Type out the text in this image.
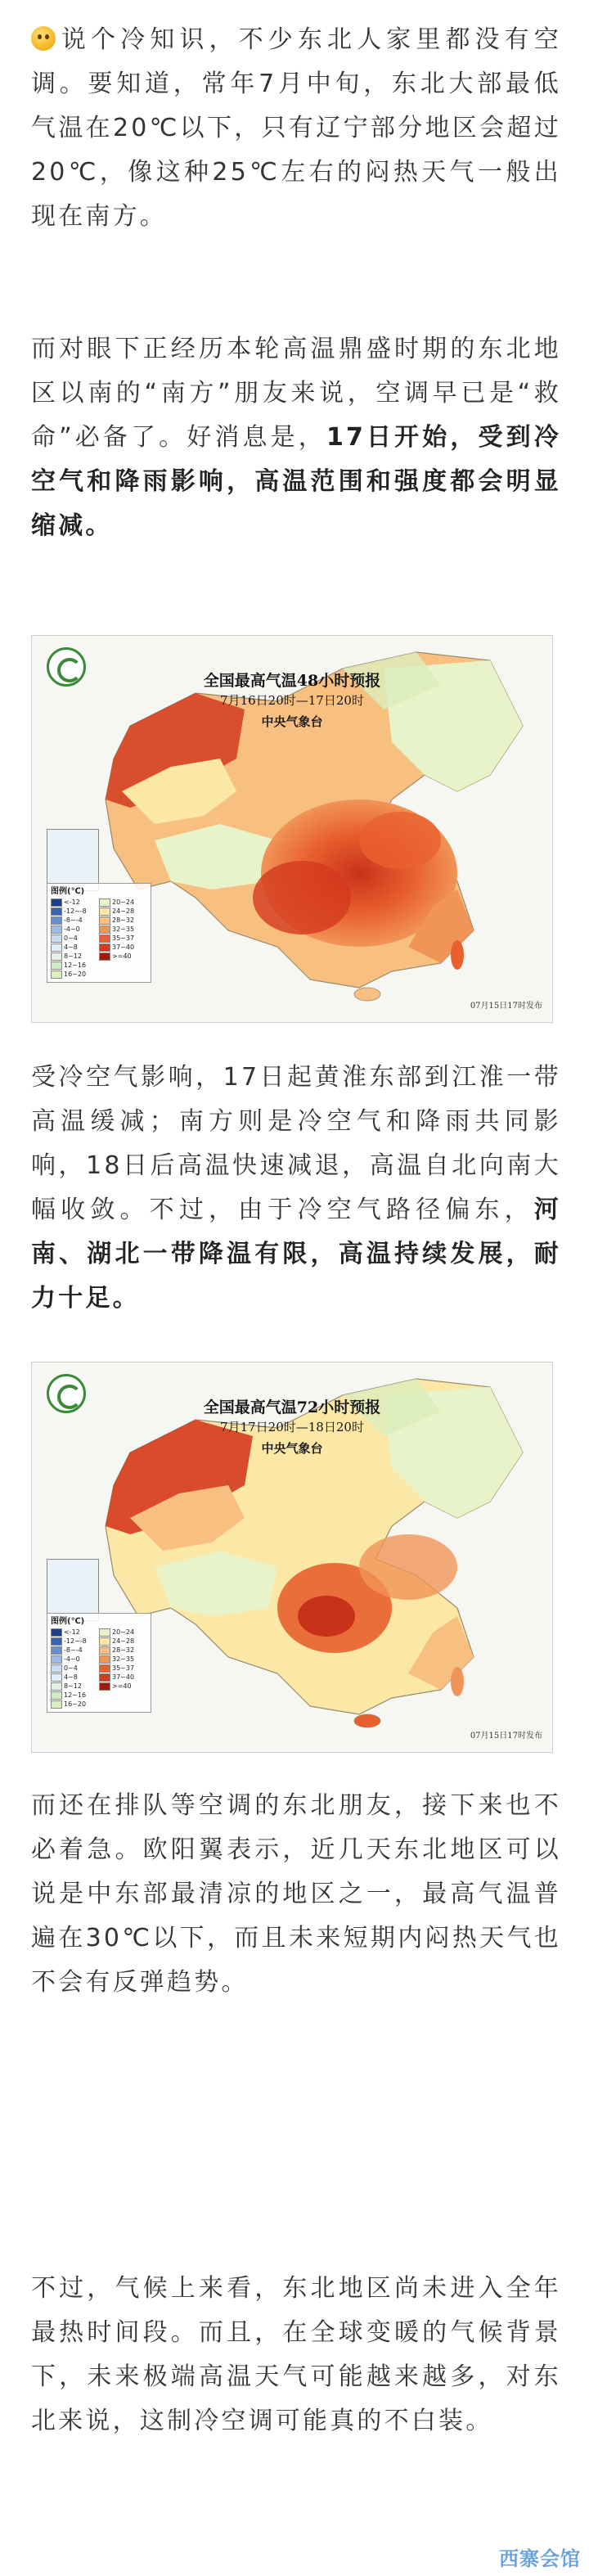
说个冷知识，不少东北人家里都没有空调。要知道，常年7月中旬，东北大部最低气温在20℃以下，只有辽宁部分地区会超过20℃，像这种25℃左右的闷热天气一般出现在南方。

而对眼下正经历本轮高温鼎盛时期的东北地区以南的“南方”朋友来说，空调早已是“救命”必备了。好消息是，17日开始，受到冷空气和降雨影响，高温范围和强度都会明显缩减。

全国最高气温48小时预报
7月16日20时—17日20时
中央气象台
图例(℃)
<-12	20~24
-12~-8	24~28
-8~-4	28~32
-4~0	32~35
0~4	35~37
4~8	37~40
8~12	>=40
12~16
16~20
07月15日17时发布

受冷空气影响，17日起黄淮东部到江淮一带高温缓减；南方则是冷空气和降雨共同影响，18日后高温快速减退，高温自北向南大幅收敛。不过，由于冷空气路径偏东，河南、湖北一带降温有限，高温持续发展，耐力十足。

全国最高气温72小时预报
7月17日20时—18日20时
中央气象台
图例(℃)
<-12	20~24
-12~-8	24~28
-8~-4	28~32
-4~0	32~35
0~4	35~37
4~8	37~40
8~12	>=40
12~16
16~20
07月15日17时发布

而还在排队等空调的东北朋友，接下来也不必着急。欧阳翼表示，近几天东北地区可以说是中东部最清凉的地区之一，最高气温普遍在30℃以下，而且未来短期内闷热天气也不会有反弹趋势。

不过，气候上来看，东北地区尚未进入全年最热时间段。而且，在全球变暖的气候背景下，未来极端高温天气可能越来越多，对东北来说，这制冷空调可能真的不白装。

西寨会馆
